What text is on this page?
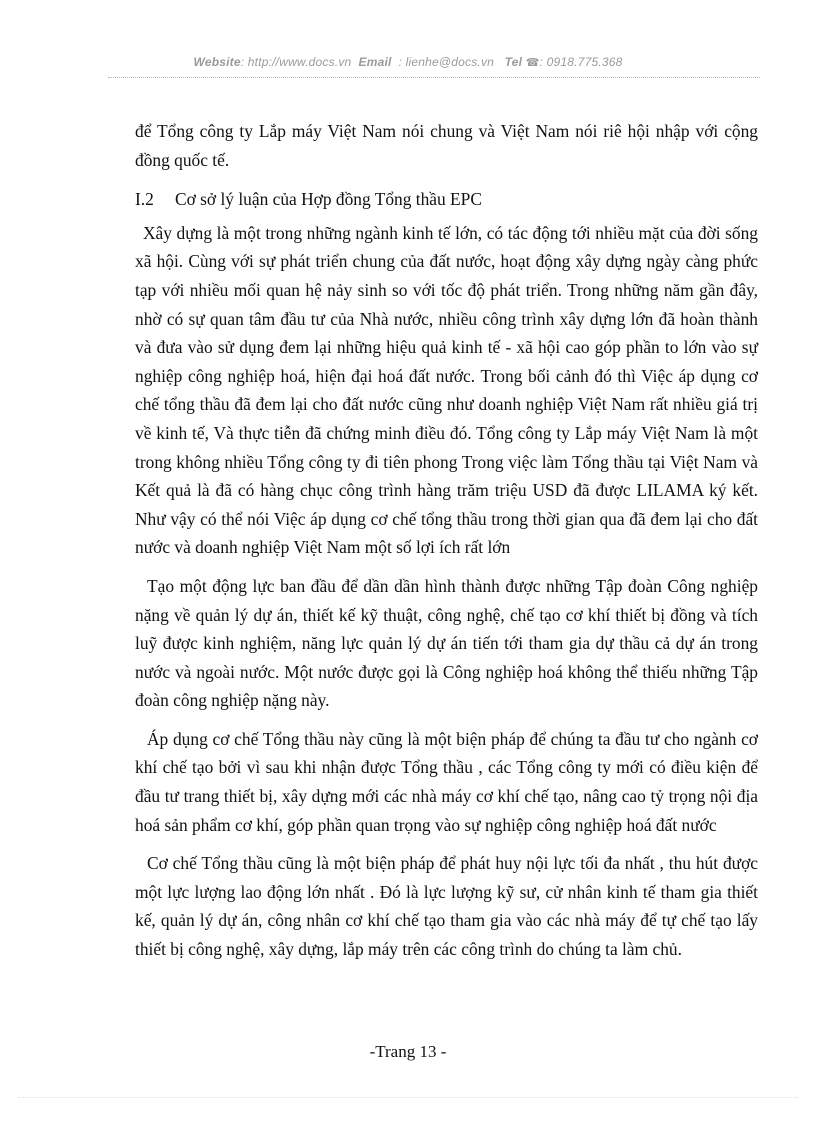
Website: http://www.docs.vn Email  : lienhe@docs.vn Tel ☎: 0918.775.368

để Tổng công ty Lắp máy Việt Nam nói chung và Việt Nam nói riê hội nhập với cộng đồng quốc tế.

I.2 Cơ sở lý luận của Hợp đồng Tổng thầu EPC

Xây dựng là một trong những ngành kinh tế lớn, có tác động tới nhiều mặt của đời sống xã hội. Cùng với sự phát triển chung của đất nước, hoạt động xây dựng ngày càng phức tạp với nhiều mối quan hệ nảy sinh so với tốc độ phát triển. Trong những năm gần đây, nhờ có sự quan tâm đầu tư của Nhà nước, nhiều công trình xây dựng lớn đã hoàn thành và đưa vào sử dụng đem lại những hiệu quả kinh tế - xã hội cao góp phần to lớn vào sự nghiệp công nghiệp hoá, hiện đại hoá đất nước. Trong bối cảnh đó thì Việc áp dụng cơ chế tổng thầu đã đem lại cho đất nước cũng như doanh nghiệp Việt Nam rất nhiều giá trị về kinh tế, Và thực tiễn đã chứng minh điều đó. Tổng công ty Lắp máy Việt Nam là một trong không nhiều Tổng công ty đi tiên phong Trong việc làm Tổng thầu tại Việt Nam và Kết quả là đã có hàng chục công trình hàng trăm triệu USD đã được LILAMA ký kết. Như vậy có thể nói Việc áp dụng cơ chế tổng thầu trong thời gian qua đã đem lại cho đất nước và doanh nghiệp Việt Nam một số lợi ích rất lớn

Tạo một động lực ban đầu để dần dần hình thành được những Tập đoàn Công nghiệp nặng về quản lý dự án, thiết kế kỹ thuật, công nghệ, chế tạo cơ khí thiết bị đồng và tích luỹ được kinh nghiệm, năng lực quản lý dự án tiến tới tham gia dự thầu cả dự án trong nước và ngoài nước. Một nước được gọi là Công nghiệp hoá không thể thiếu những Tập đoàn công nghiệp nặng này.

Áp dụng cơ chế Tổng thầu này cũng là một biện pháp để chúng ta đầu tư cho ngành cơ khí chế tạo bởi vì sau khi nhận được Tổng thầu , các Tổng công ty mới có điều kiện để đầu tư trang thiết bị, xây dựng mới các nhà máy cơ khí chế tạo, nâng cao tỷ trọng nội địa hoá sản phẩm cơ khí, góp phần quan trọng vào sự nghiệp công nghiệp hoá đất nước

Cơ chế Tổng thầu cũng là một biện pháp để phát huy nội lực tối đa nhất , thu hút được một lực lượng lao động lớn nhất . Đó là lực lượng kỹ sư, cử nhân kinh tế tham gia thiết kế, quản lý dự án, công nhân cơ khí chế tạo tham gia vào các nhà máy để tự chế tạo lấy thiết bị công nghệ, xây dựng, lắp máy trên các công trình do chúng ta làm chủ.

-Trang 13 -
